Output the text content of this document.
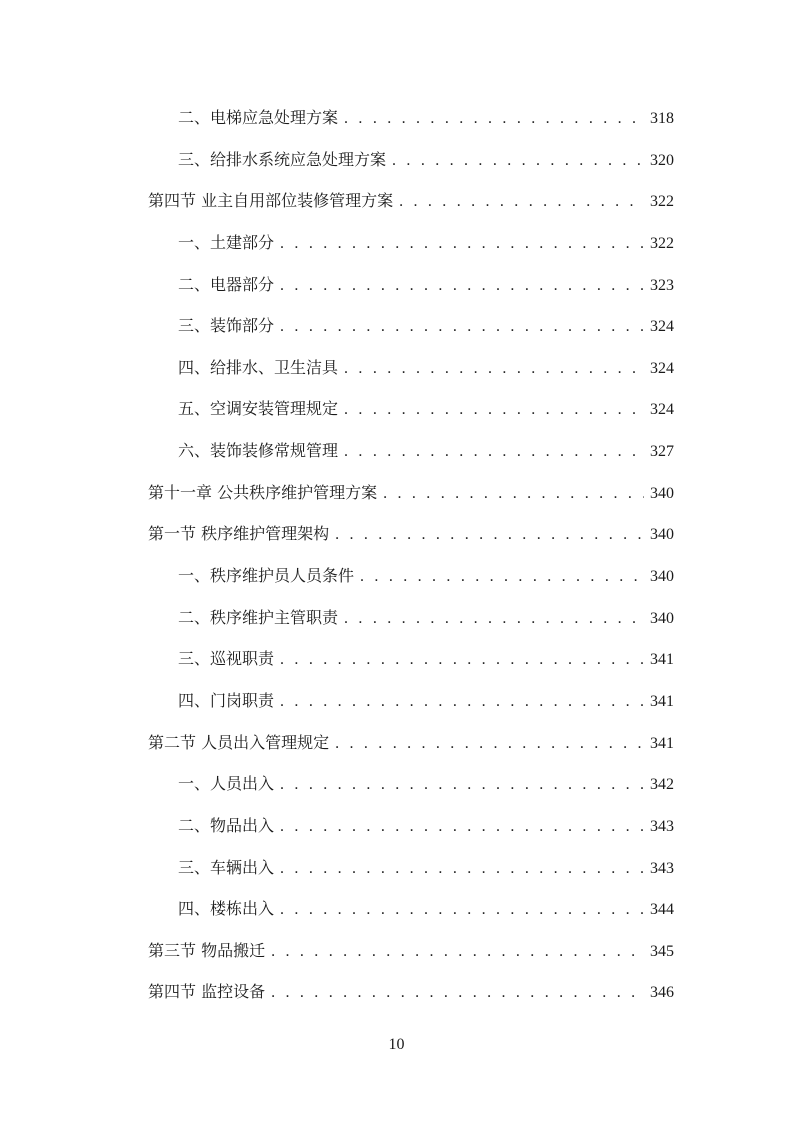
二、电梯应急处理方案 . . .	318
三、给排水系统应急处理方案 . . .	320
第四节 业主自用部位装修管理方案 . . .	322
一、土建部分 . . .	322
二、电器部分 . . .	323
三、装饰部分 . . .	324
四、给排水、卫生洁具 . . .	324
五、空调安装管理规定 . . .	324
六、装饰装修常规管理 . . .	327
第十一章 公共秩序维护管理方案 . . .	340
第一节 秩序维护管理架构 . . .	340
一、秩序维护员人员条件 . . .	340
二、秩序维护主管职责 . . .	340
三、巡视职责 . . .	341
四、门岗职责 . . .	341
第二节 人员出入管理规定 . . .	341
一、人员出入 . . .	342
二、物品出入 . . .	343
三、车辆出入 . . .	343
四、楼栋出入 . . .	344
第三节 物品搬迁 . . .	345
第四节 监控设备 . . .	346
10
